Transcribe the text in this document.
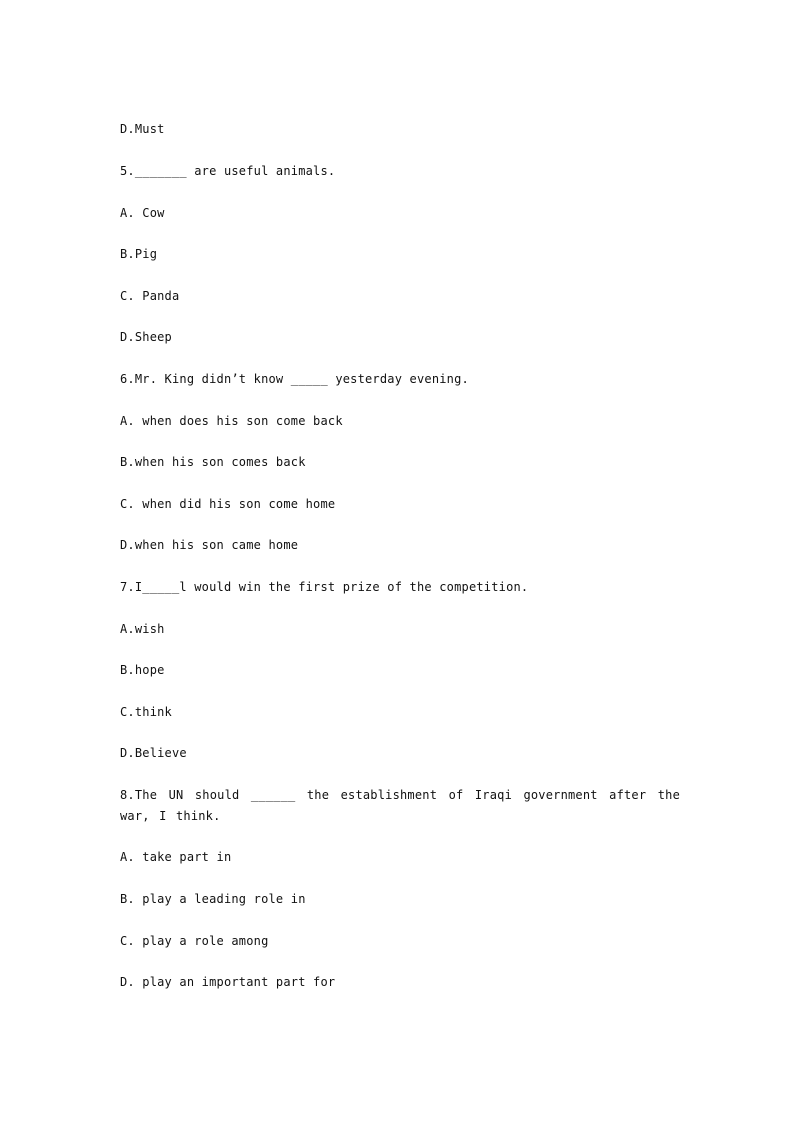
D.Must
5._______ are useful animals.
A. Cow
B.Pig
C. Panda
D.Sheep
6.Mr. King didn’t know _____ yesterday evening.
A. when does his son come back
B.when his son comes back
C. when did his son come home
D.when his son came home
7.I_____l would win the first prize of the competition.
A.wish
B.hope
C.think
D.Believe
8.The UN should ______ the establishment of Iraqi government after the war, I think.
A. take part in
B. play a leading role in
C. play a role among
D. play an important part for
